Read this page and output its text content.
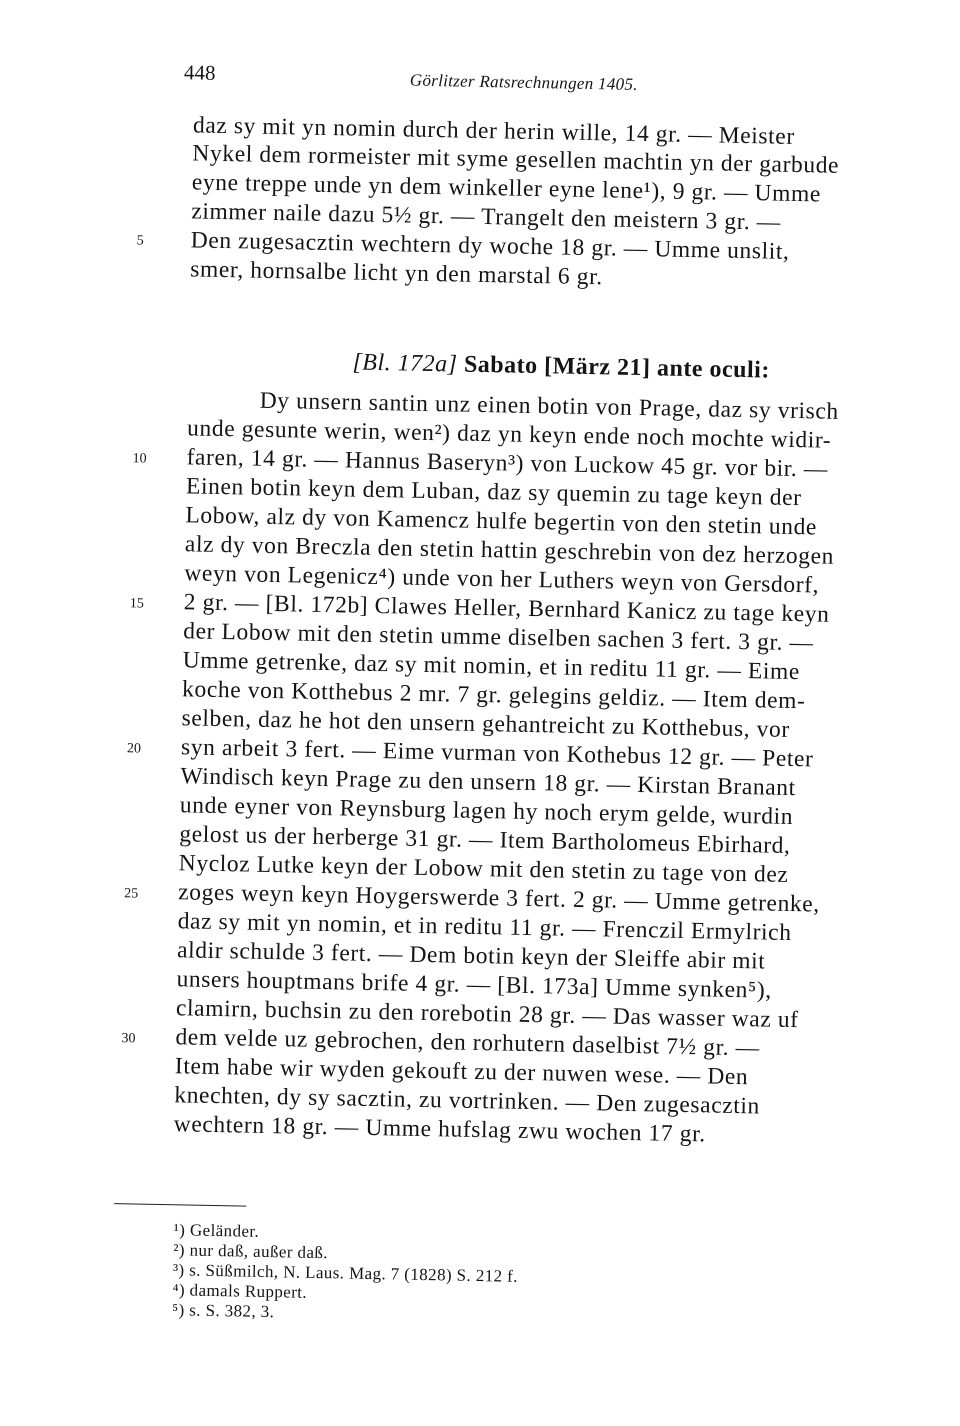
448	Görlitzer Ratsrechnungen 1405.
daz sy mit yn nomin durch der herin wille, 14 gr. — Meister
Nykel dem rormeister mit syme gesellen machtin yn der garbude
eyne treppe unde yn dem winkeller eyne lene¹), 9 gr. — Umme
zimmer naile dazu 5½ gr. — Trangelt den meistern 3 gr. —
Den zugesacztin wechtern dy woche 18 gr. — Umme unslit,
smer, hornsalbe licht yn den marstal 6 gr.
5
[Bl. 172a] Sabato [März 21] ante oculi:
Dy unsern santin unz einen botin von Prage, daz sy vrisch
unde gesunte werin, wen²) daz yn keyn ende noch mochte widir-
faren, 14 gr. — Hannus Baseryn³) von Luckow 45 gr. vor bir. —
Einen botin keyn dem Luban, daz sy quemin zu tage keyn der
Lobow, alz dy von Kamencz hulfe begertin von den stetin unde
alz dy von Breczla den stetin hattin geschrebin von dez herzogen
weyn von Legenicz⁴) unde von her Luthers weyn von Gersdorf,
2 gr. — [Bl. 172b] Clawes Heller, Bernhard Kanicz zu tage keyn
der Lobow mit den stetin umme diselben sachen 3 fert. 3 gr. —
Umme getrenke, daz sy mit nomin, et in reditu 11 gr. — Eime
koche von Kotthebus 2 mr. 7 gr. gelegins geldiz. — Item dem-
selben, daz he hot den unsern gehantreicht zu Kotthebus, vor
syn arbeit 3 fert. — Eime vurman von Kothebus 12 gr. — Peter
Windisch keyn Prage zu den unsern 18 gr. — Kirstan Branant
unde eyner von Reynsburg lagen hy noch erym gelde, wurdin
gelost us der herberge 31 gr. — Item Bartholomeus Ebirhard,
Nycloz Lutke keyn der Lobow mit den stetin zu tage von dez
zoges weyn keyn Hoygerswerde 3 fert. 2 gr. — Umme getrenke,
daz sy mit yn nomin, et in reditu 11 gr. — Frenczil Ermylrich
aldir schulde 3 fert. — Dem botin keyn der Sleiffe abir mit
unsers houptmans brife 4 gr. — [Bl. 173a] Umme synken⁵),
clamirn, buchsin zu den rorebotin 28 gr. — Das wasser waz uf
dem velde uz gebrochen, den rorhutern daselbist 7½ gr. —
Item habe wir wyden gekouft zu der nuwen wese. — Den
knechten, dy sy sacztin, zu vortrinken. — Den zugesacztin
wechtern 18 gr. — Umme hufslag zwu wochen 17 gr.
10
15
20
25
30
¹) Geländer.
²) nur daß, außer daß.
³) s. Süßmilch, N. Laus. Mag. 7 (1828) S. 212 f.
⁴) damals Ruppert.
⁵) s. S. 382, 3.
